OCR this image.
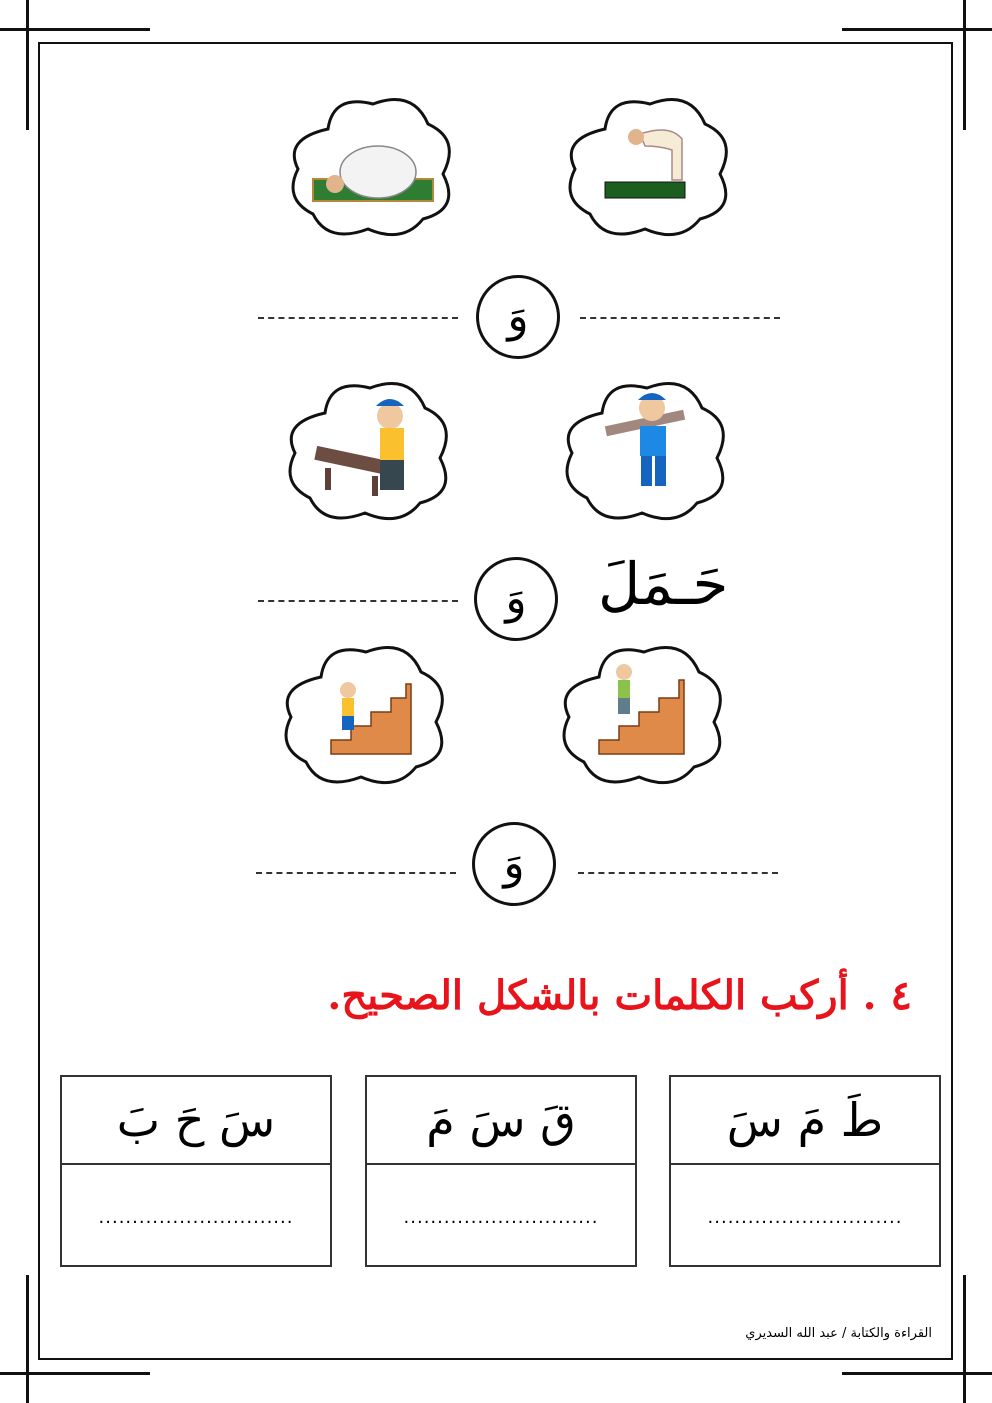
وَ
وَ	حَـمَلَ
وَ
٤ . أركب الكلمات بالشكل الصحيح.
طَ مَ سَ
.............................
قَ سَ مَ
.............................
سَ حَ بَ
.............................
القراءة والكتابة / عبد الله السديري
